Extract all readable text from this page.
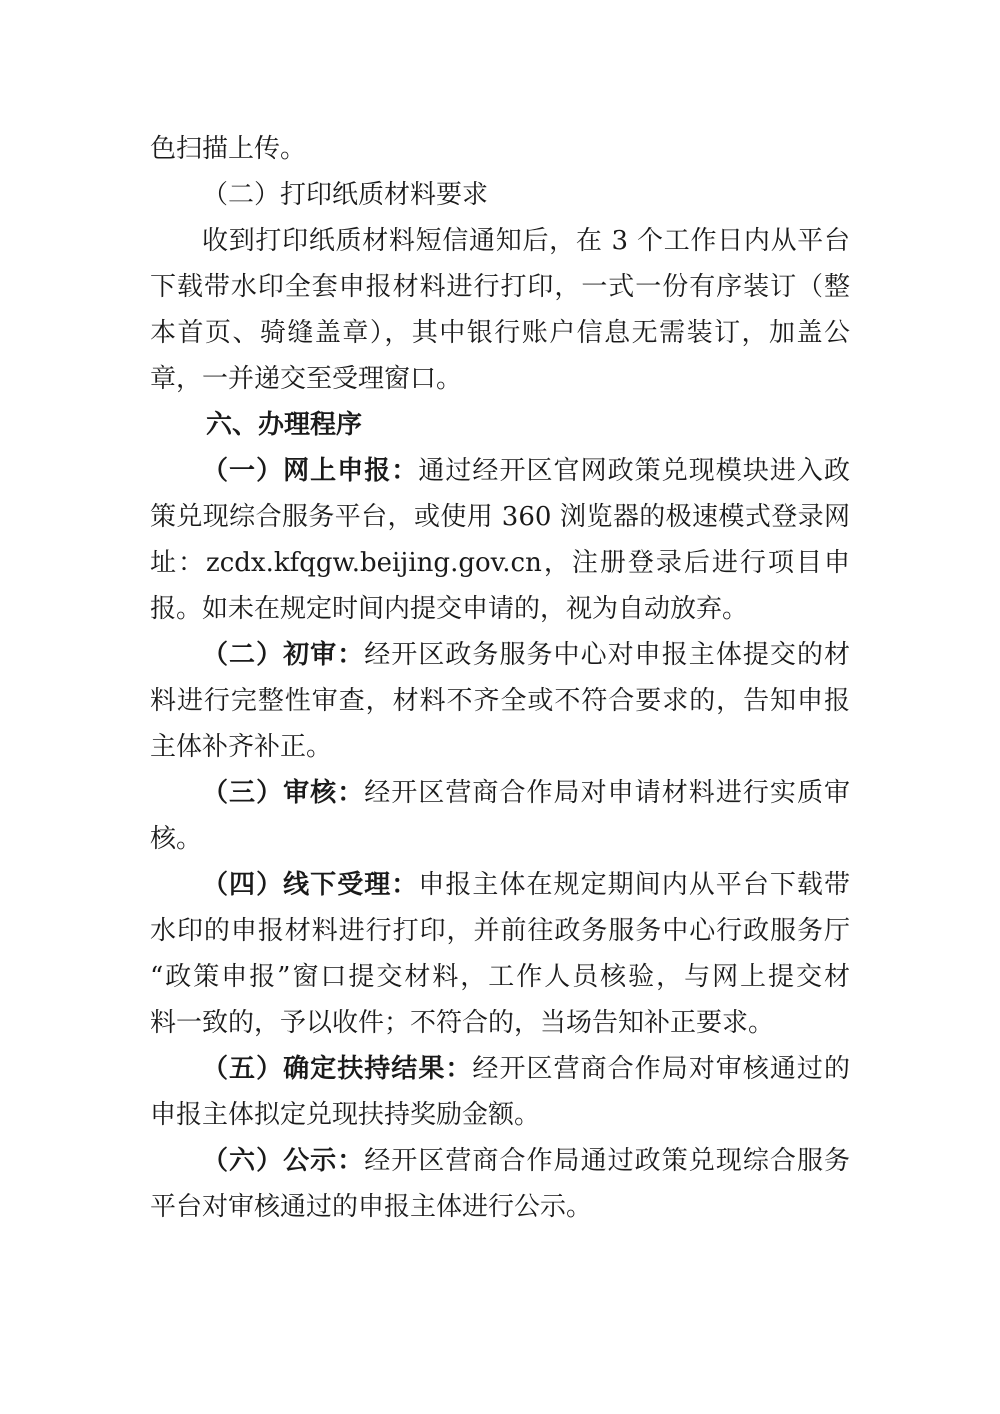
色扫描上传。
（二）打印纸质材料要求
收到打印纸质材料短信通知后，在 3 个工作日内从平台
下载带水印全套申报材料进行打印，一式一份有序装订（整
本首页、骑缝盖章），其中银行账户信息无需装订，加盖公
章，一并递交至受理窗口。
六、办理程序
（一）网上申报：通过经开区官网政策兑现模块进入政
策兑现综合服务平台，或使用 360 浏览器的极速模式登录网
址：zcdx.kfqgw.beijing.gov.cn，注册登录后进行项目申
报。如未在规定时间内提交申请的，视为自动放弃。
（二）初审：经开区政务服务中心对申报主体提交的材
料进行完整性审查，材料不齐全或不符合要求的，告知申报
主体补齐补正。
（三）审核：经开区营商合作局对申请材料进行实质审
核。
（四）线下受理：申报主体在规定期间内从平台下载带
水印的申报材料进行打印，并前往政务服务中心行政服务厅
“政策申报”窗口提交材料，工作人员核验，与网上提交材
料一致的，予以收件；不符合的，当场告知补正要求。
（五）确定扶持结果：经开区营商合作局对审核通过的
申报主体拟定兑现扶持奖励金额。
（六）公示：经开区营商合作局通过政策兑现综合服务
平台对审核通过的申报主体进行公示。
